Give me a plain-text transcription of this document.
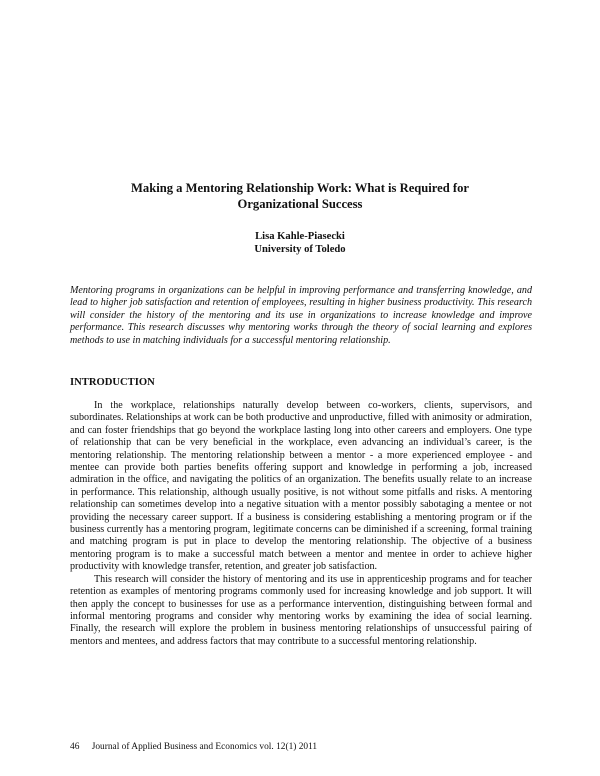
Making a Mentoring Relationship Work: What is Required for
Organizational Success
Lisa Kahle-Piasecki
University of Toledo
Mentoring programs in organizations can be helpful in improving performance and transferring knowledge, and lead to higher job satisfaction and retention of employees, resulting in higher business productivity. This research will consider the history of the mentoring and its use in organizations to increase knowledge and improve performance. This research discusses why mentoring works through the theory of social learning and explores methods to use in matching individuals for a successful mentoring relationship.
INTRODUCTION

In the workplace, relationships naturally develop between co-workers, clients, supervisors, and subordinates. Relationships at work can be both productive and unproductive, filled with animosity or admiration, and can foster friendships that go beyond the workplace lasting long into other careers and employers. One type of relationship that can be very beneficial in the workplace, even advancing an individual’s career, is the mentoring relationship. The mentoring relationship between a mentor - a more experienced employee - and mentee can provide both parties benefits offering support and knowledge in performing a job, increased admiration in the office, and navigating the politics of an organization. The benefits usually relate to an increase in performance. This relationship, although usually positive, is not without some pitfalls and risks. A mentoring relationship can sometimes develop into a negative situation with a mentor possibly sabotaging a mentee or not providing the necessary career support. If a business is considering establishing a mentoring program or if the business currently has a mentoring program, legitimate concerns can be diminished if a screening, formal training and matching program is put in place to develop the mentoring relationship. The objective of a business mentoring program is to make a successful match between a mentor and mentee in order to achieve higher productivity with knowledge transfer, retention, and greater job satisfaction.

This research will consider the history of mentoring and its use in apprenticeship programs and for teacher retention as examples of mentoring programs commonly used for increasing knowledge and job support. It will then apply the concept to businesses for use as a performance intervention, distinguishing between formal and informal mentoring programs and consider why mentoring works by examining the idea of social learning. Finally, the research will explore the problem in business mentoring relationships of unsuccessful pairing of mentors and mentees, and address factors that may contribute to a successful mentoring relationship.

46 Journal of Applied Business and Economics vol. 12(1) 2011
